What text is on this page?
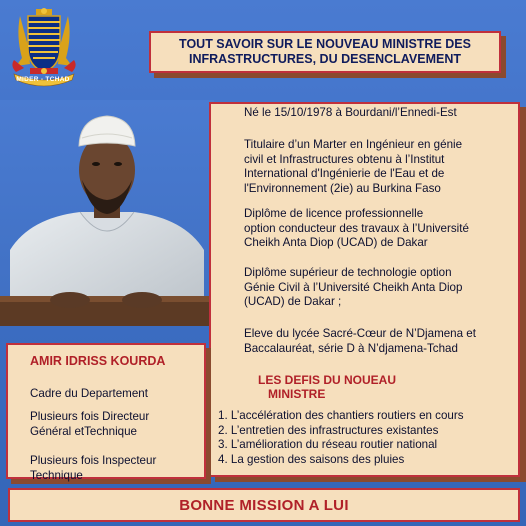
MIDER - TCHAD
TOUT SAVOIR SUR LE NOUVEAU MINISTRE DES
INFRASTRUCTURES, DU DESENCLAVEMENT
Né le 15/10/1978 à Bourdani/l’Ennedi-Est
Titulaire d’un Marter en Ingénieur en génie
civil et Infrastructures obtenu à l’Institut
International d'Ingénierie de l'Eau et de
l'Environnement (2ie) au Burkina Faso
Diplôme de licence professionnelle
option conducteur des travaux à l’Université
Cheikh Anta Diop (UCAD) de Dakar
Diplôme supérieur de technologie option
Génie Civil à l’Université Cheikh Anta Diop
(UCAD) de Dakar ;
Eleve du lycée Sacré-Cœur de N’Djamena et
Baccalauréat, série D à N’djamena-Tchad
LES DEFIS DU NOUEAU
MINISTRE
1. L’accélération des chantiers routiers en cours
2. L’entretien des infrastructures existantes
3. L’amélioration du réseau routier national
4. La gestion des saisons des pluies
AMIR IDRISS KOURDA
Cadre du Departement
Plusieurs fois Directeur
Général etTechnique
Plusieurs fois Inspecteur
Technique
BONNE MISSION A LUI
